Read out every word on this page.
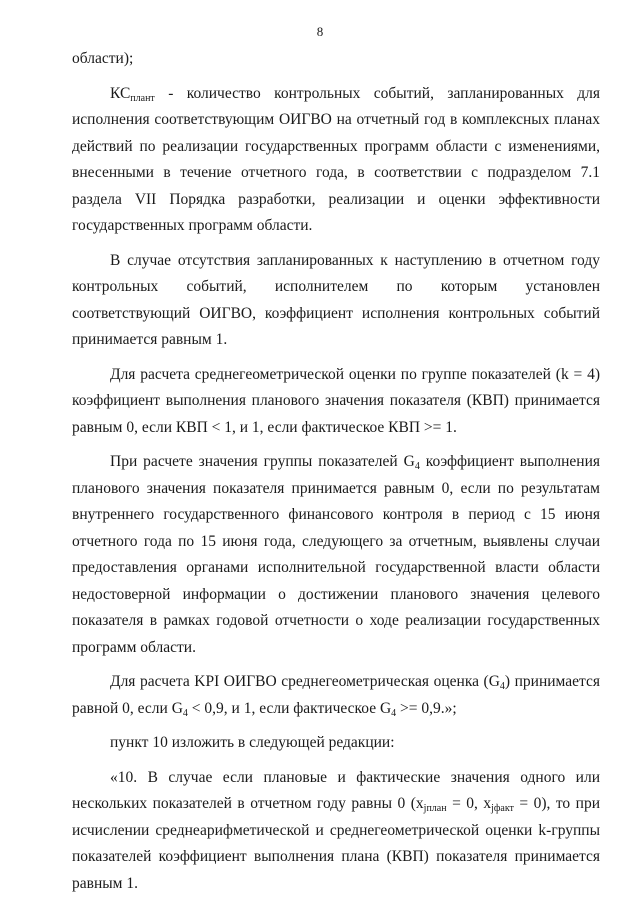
8

области);

$КС_{плант}$ - количество контрольных событий, запланированных для исполнения соответствующим ОИГВО на отчетный год в комплексных планах действий по реализации государственных программ области с изменениями, внесенными в течение отчетного года, в соответствии с подразделом 7.1 раздела VII Порядка разработки, реализации и оценки эффективности государственных программ области.

В случае отсутствия запланированных к наступлению в отчетном году контрольных событий, исполнителем по которым установлен соответствующий ОИГВО, коэффициент исполнения контрольных событий принимается равным 1.

Для расчета среднегеометрической оценки по группе показателей (k = 4) коэффициент выполнения планового значения показателя (КВП) принимается равным 0, если КВП < 1, и 1, если фактическое КВП >= 1.

При расчете значения группы показателей $G_4$ коэффициент выполнения планового значения показателя принимается равным 0, если по результатам внутреннего государственного финансового контроля в период с 15 июня отчетного года по 15 июня года, следующего за отчетным, выявлены случаи предоставления органами исполнительной государственной власти области недостоверной информации о достижении планового значения целевого показателя в рамках годовой отчетности о ходе реализации государственных программ области.

Для расчета KPI ОИГВО среднегеометрическая оценка $(G_4)$ принимается равной 0, если $G_4 < 0,9$, и 1, если фактическое $G_4 >= 0,9$.»;

пункт 10 изложить в следующей редакции:

«10. В случае если плановые и фактические значения одного или нескольких показателей в отчетном году равны 0 ($x_{jплан} = 0$, $x_{jфакт} = 0$), то при исчислении среднеарифметической и среднегеометрической оценки k-группы показателей коэффициент выполнения плана (КВП) показателя принимается равным 1.
